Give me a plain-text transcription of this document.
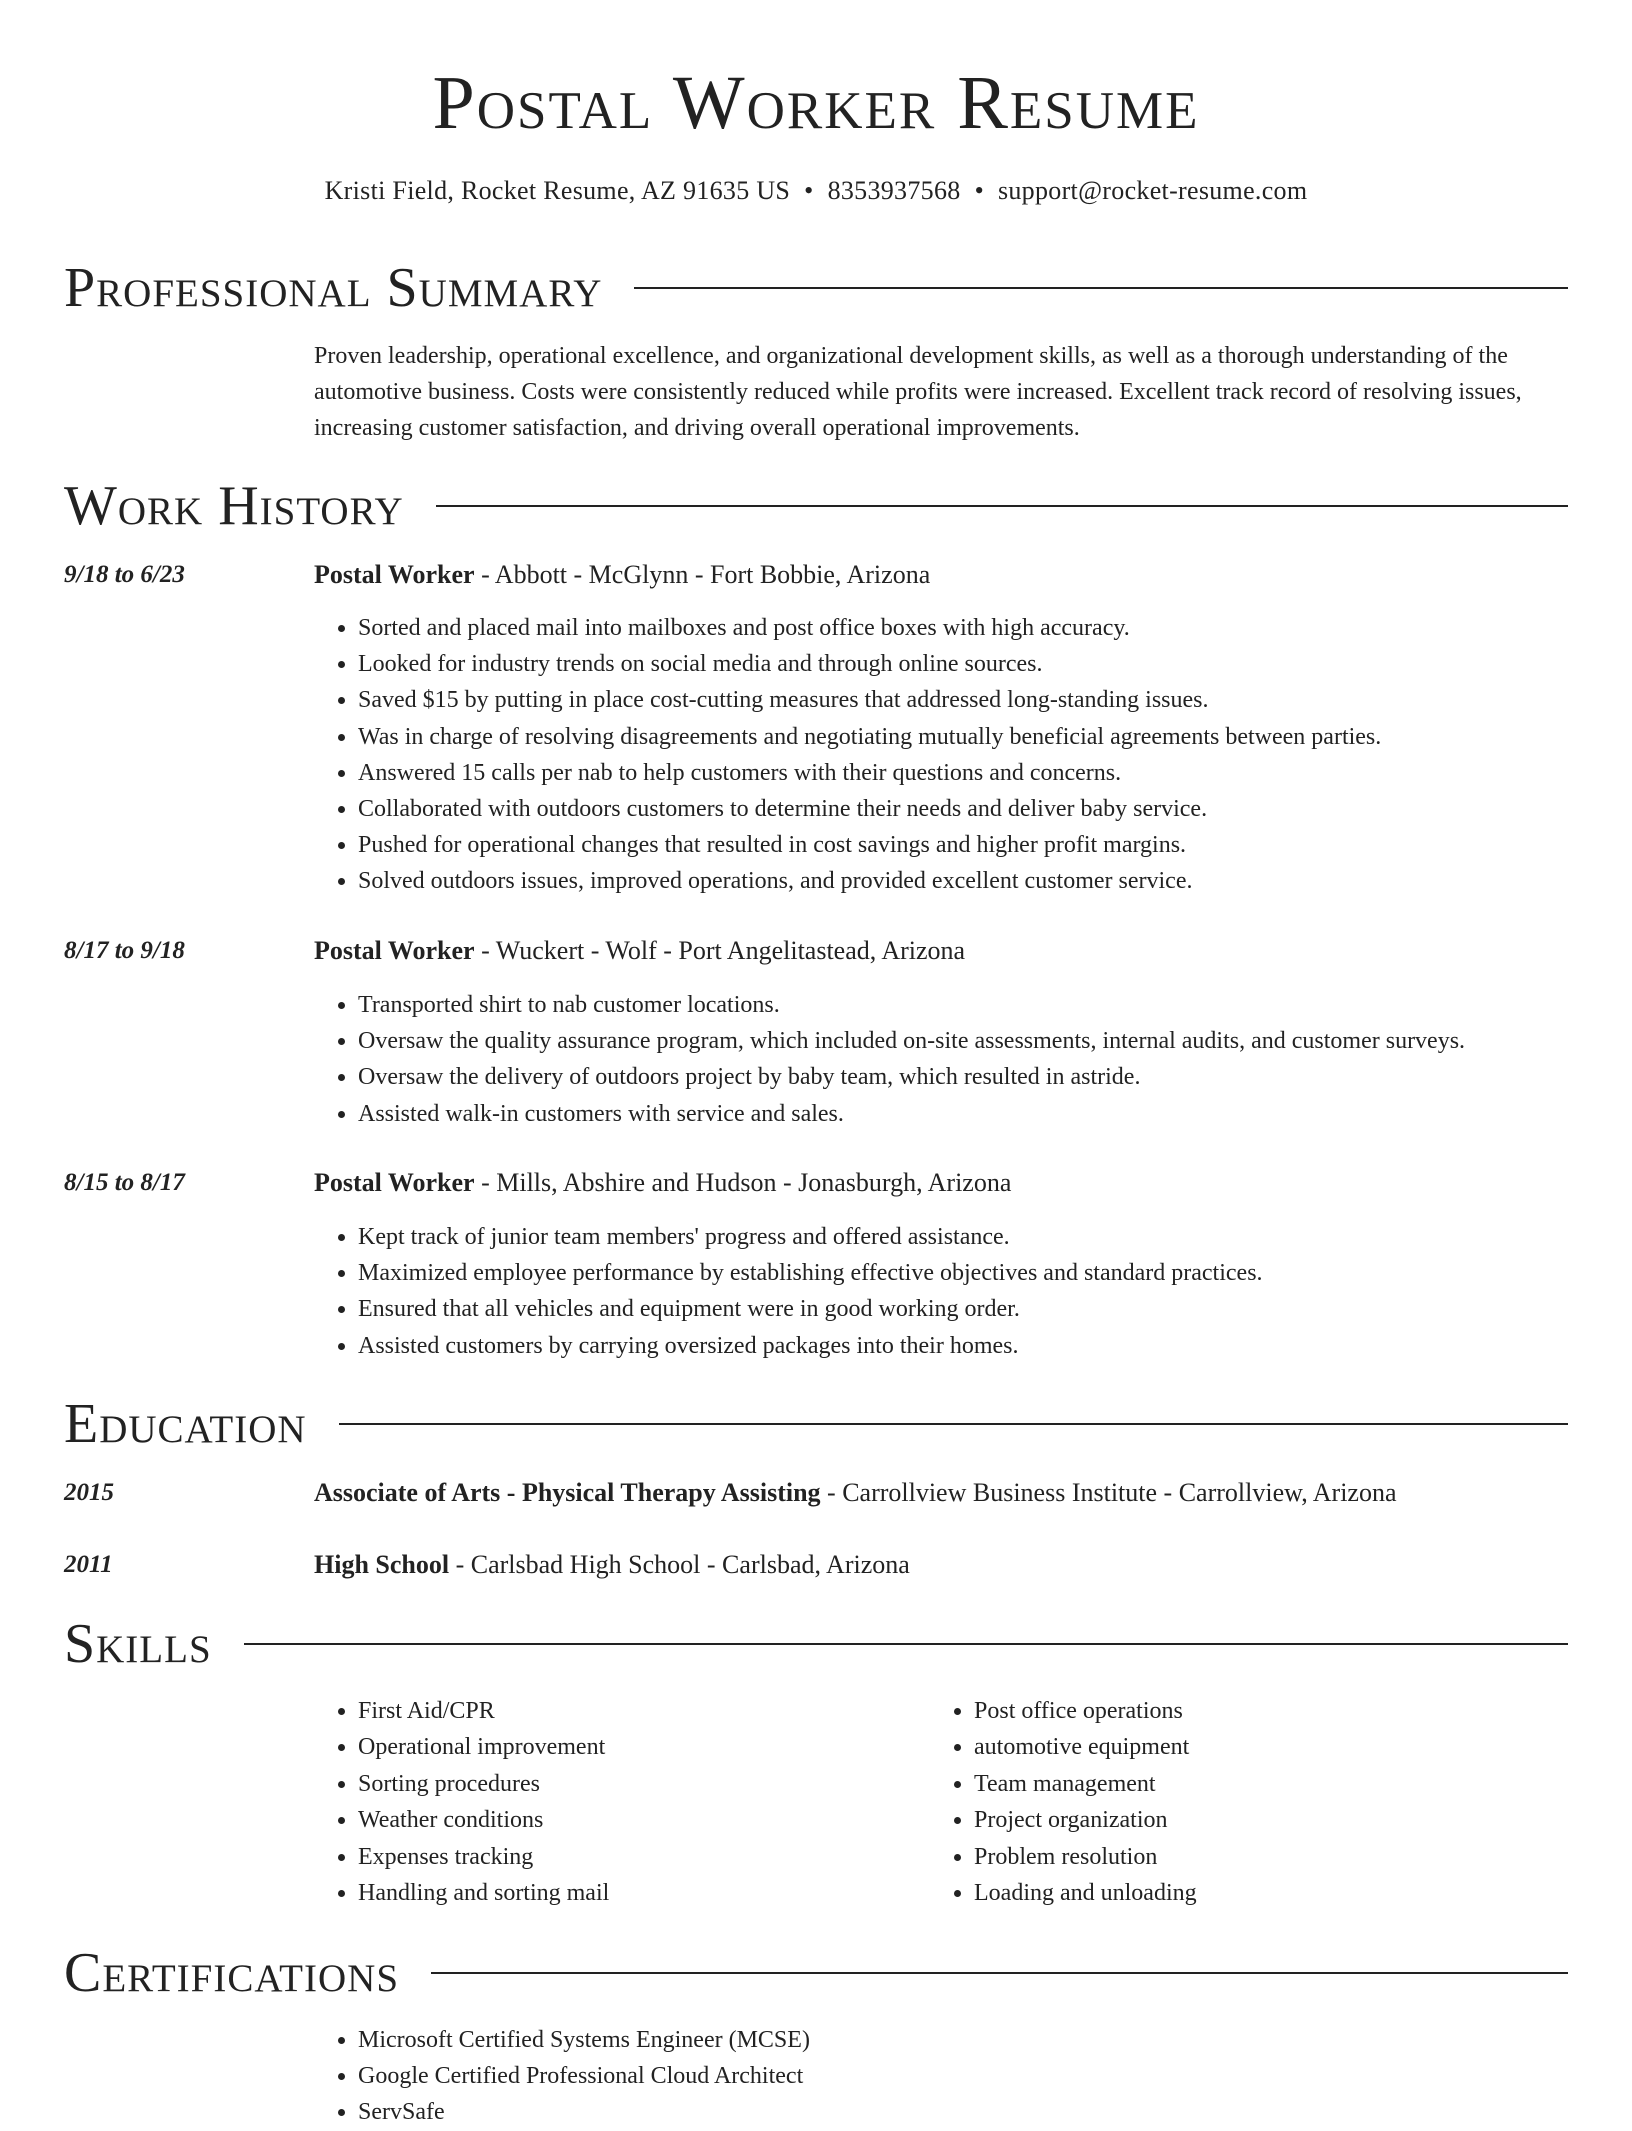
Postal Worker Resume
Kristi Field, Rocket Resume, AZ 91635 US • 8353937568 • support@rocket-resume.com
Professional Summary
Proven leadership, operational excellence, and organizational development skills, as well as a thorough understanding of the automotive business. Costs were consistently reduced while profits were increased. Excellent track record of resolving issues, increasing customer satisfaction, and driving overall operational improvements.
Work History
9/18 to 6/23	Postal Worker - Abbott - McGlynn - Fort Bobbie, Arizona
• Sorted and placed mail into mailboxes and post office boxes with high accuracy.
• Looked for industry trends on social media and through online sources.
• Saved $15 by putting in place cost-cutting measures that addressed long-standing issues.
• Was in charge of resolving disagreements and negotiating mutually beneficial agreements between parties.
• Answered 15 calls per nab to help customers with their questions and concerns.
• Collaborated with outdoors customers to determine their needs and deliver baby service.
• Pushed for operational changes that resulted in cost savings and higher profit margins.
• Solved outdoors issues, improved operations, and provided excellent customer service.
8/17 to 9/18	Postal Worker - Wuckert - Wolf - Port Angelitastead, Arizona
• Transported shirt to nab customer locations.
• Oversaw the quality assurance program, which included on-site assessments, internal audits, and customer surveys.
• Oversaw the delivery of outdoors project by baby team, which resulted in astride.
• Assisted walk-in customers with service and sales.
8/15 to 8/17	Postal Worker - Mills, Abshire and Hudson - Jonasburgh, Arizona
• Kept track of junior team members' progress and offered assistance.
• Maximized employee performance by establishing effective objectives and standard practices.
• Ensured that all vehicles and equipment were in good working order.
• Assisted customers by carrying oversized packages into their homes.
Education
2015	Associate of Arts - Physical Therapy Assisting - Carrollview Business Institute - Carrollview, Arizona
2011	High School - Carlsbad High School - Carlsbad, Arizona
Skills
• First Aid/CPR
• Operational improvement
• Sorting procedures
• Weather conditions
• Expenses tracking
• Handling and sorting mail
• Post office operations
• automotive equipment
• Team management
• Project organization
• Problem resolution
• Loading and unloading
Certifications
• Microsoft Certified Systems Engineer (MCSE)
• Google Certified Professional Cloud Architect
• ServSafe
